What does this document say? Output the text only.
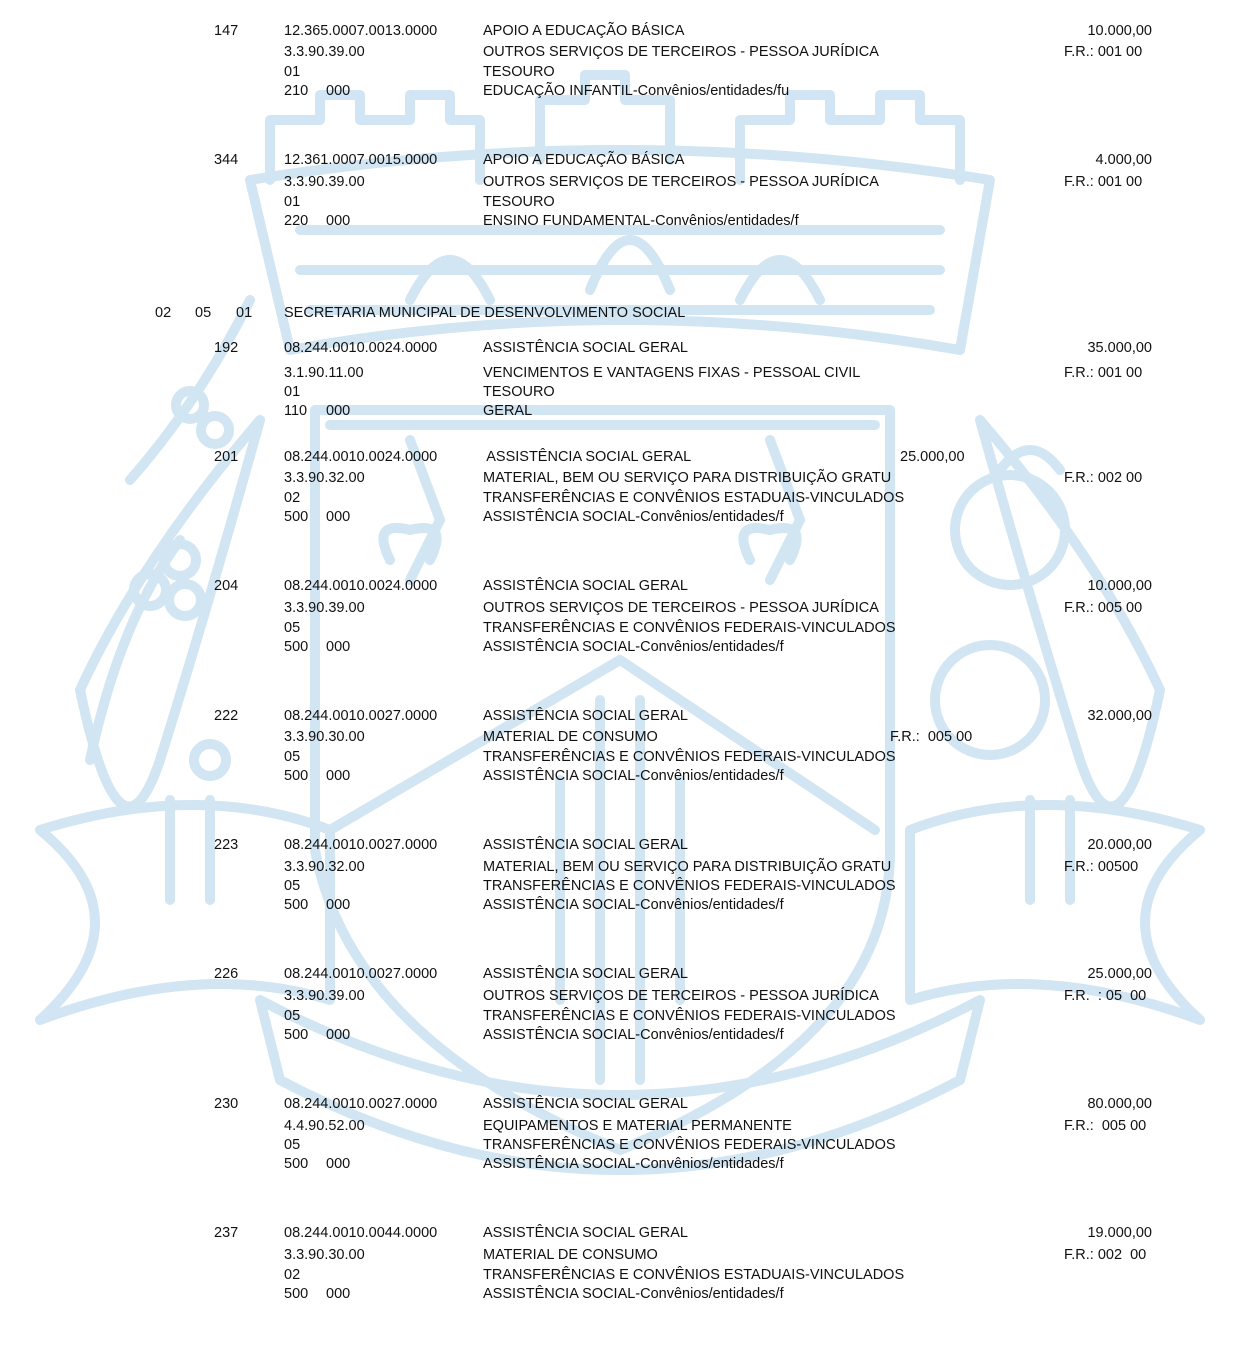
147	12.365.0007.0013.0000	APOIO A EDUCAÇÃO BÁSICA	10.000,00
3.3.90.39.00	OUTROS SERVIÇOS DE TERCEIROS - PESSOA JURÍDICA	F.R.: 001 00
01	TESOURO
210 000	EDUCAÇÃO INFANTIL-Convênios/entidades/fu
344	12.361.0007.0015.0000	APOIO A EDUCAÇÃO BÁSICA	4.000,00
3.3.90.39.00	OUTROS SERVIÇOS DE TERCEIROS - PESSOA JURÍDICA	F.R.: 001 00
01	TESOURO
220 000	ENSINO FUNDAMENTAL-Convênios/entidades/f
02 05 01 SECRETARIA MUNICIPAL DE DESENVOLVIMENTO SOCIAL
192	08.244.0010.0024.0000	ASSISTÊNCIA SOCIAL GERAL	35.000,00
3.1.90.11.00	VENCIMENTOS E VANTAGENS FIXAS - PESSOAL CIVIL	F.R.: 001 00
01	TESOURO
110 000	GERAL
201	08.244.0010.0024.0000	ASSISTÊNCIA SOCIAL GERAL	25.000,00
3.3.90.32.00	MATERIAL, BEM OU SERVIÇO PARA DISTRIBUIÇÃO GRATU	F.R.: 002 00
02	TRANSFERÊNCIAS E CONVÊNIOS ESTADUAIS-VINCULADOS
500 000	ASSISTÊNCIA SOCIAL-Convênios/entidades/f
204	08.244.0010.0024.0000	ASSISTÊNCIA SOCIAL GERAL	10.000,00
3.3.90.39.00	OUTROS SERVIÇOS DE TERCEIROS - PESSOA JURÍDICA	F.R.: 005 00
05	TRANSFERÊNCIAS E CONVÊNIOS FEDERAIS-VINCULADOS
500 000	ASSISTÊNCIA SOCIAL-Convênios/entidades/f
222	08.244.0010.0027.0000	ASSISTÊNCIA SOCIAL GERAL	32.000,00
3.3.90.30.00	MATERIAL DE CONSUMO	F.R.:  005 00
05	TRANSFERÊNCIAS E CONVÊNIOS FEDERAIS-VINCULADOS
500 000	ASSISTÊNCIA SOCIAL-Convênios/entidades/f
223	08.244.0010.0027.0000	ASSISTÊNCIA SOCIAL GERAL	20.000,00
3.3.90.32.00	MATERIAL, BEM OU SERVIÇO PARA DISTRIBUIÇÃO GRATU	F.R.: 00500
05	TRANSFERÊNCIAS E CONVÊNIOS FEDERAIS-VINCULADOS
500 000	ASSISTÊNCIA SOCIAL-Convênios/entidades/f
226	08.244.0010.0027.0000	ASSISTÊNCIA SOCIAL GERAL	25.000,00
3.3.90.39.00	OUTROS SERVIÇOS DE TERCEIROS - PESSOA JURÍDICA	F.R.  : 05  00
05	TRANSFERÊNCIAS E CONVÊNIOS FEDERAIS-VINCULADOS
500 000	ASSISTÊNCIA SOCIAL-Convênios/entidades/f
230	08.244.0010.0027.0000	ASSISTÊNCIA SOCIAL GERAL	80.000,00
4.4.90.52.00	EQUIPAMENTOS E MATERIAL PERMANENTE	F.R.:  005 00
05	TRANSFERÊNCIAS E CONVÊNIOS FEDERAIS-VINCULADOS
500 000	ASSISTÊNCIA SOCIAL-Convênios/entidades/f
237	08.244.0010.0044.0000	ASSISTÊNCIA SOCIAL GERAL	19.000,00
3.3.90.30.00	MATERIAL DE CONSUMO	F.R.: 002  00
02	TRANSFERÊNCIAS E CONVÊNIOS ESTADUAIS-VINCULADOS
500 000	ASSISTÊNCIA SOCIAL-Convênios/entidades/f
